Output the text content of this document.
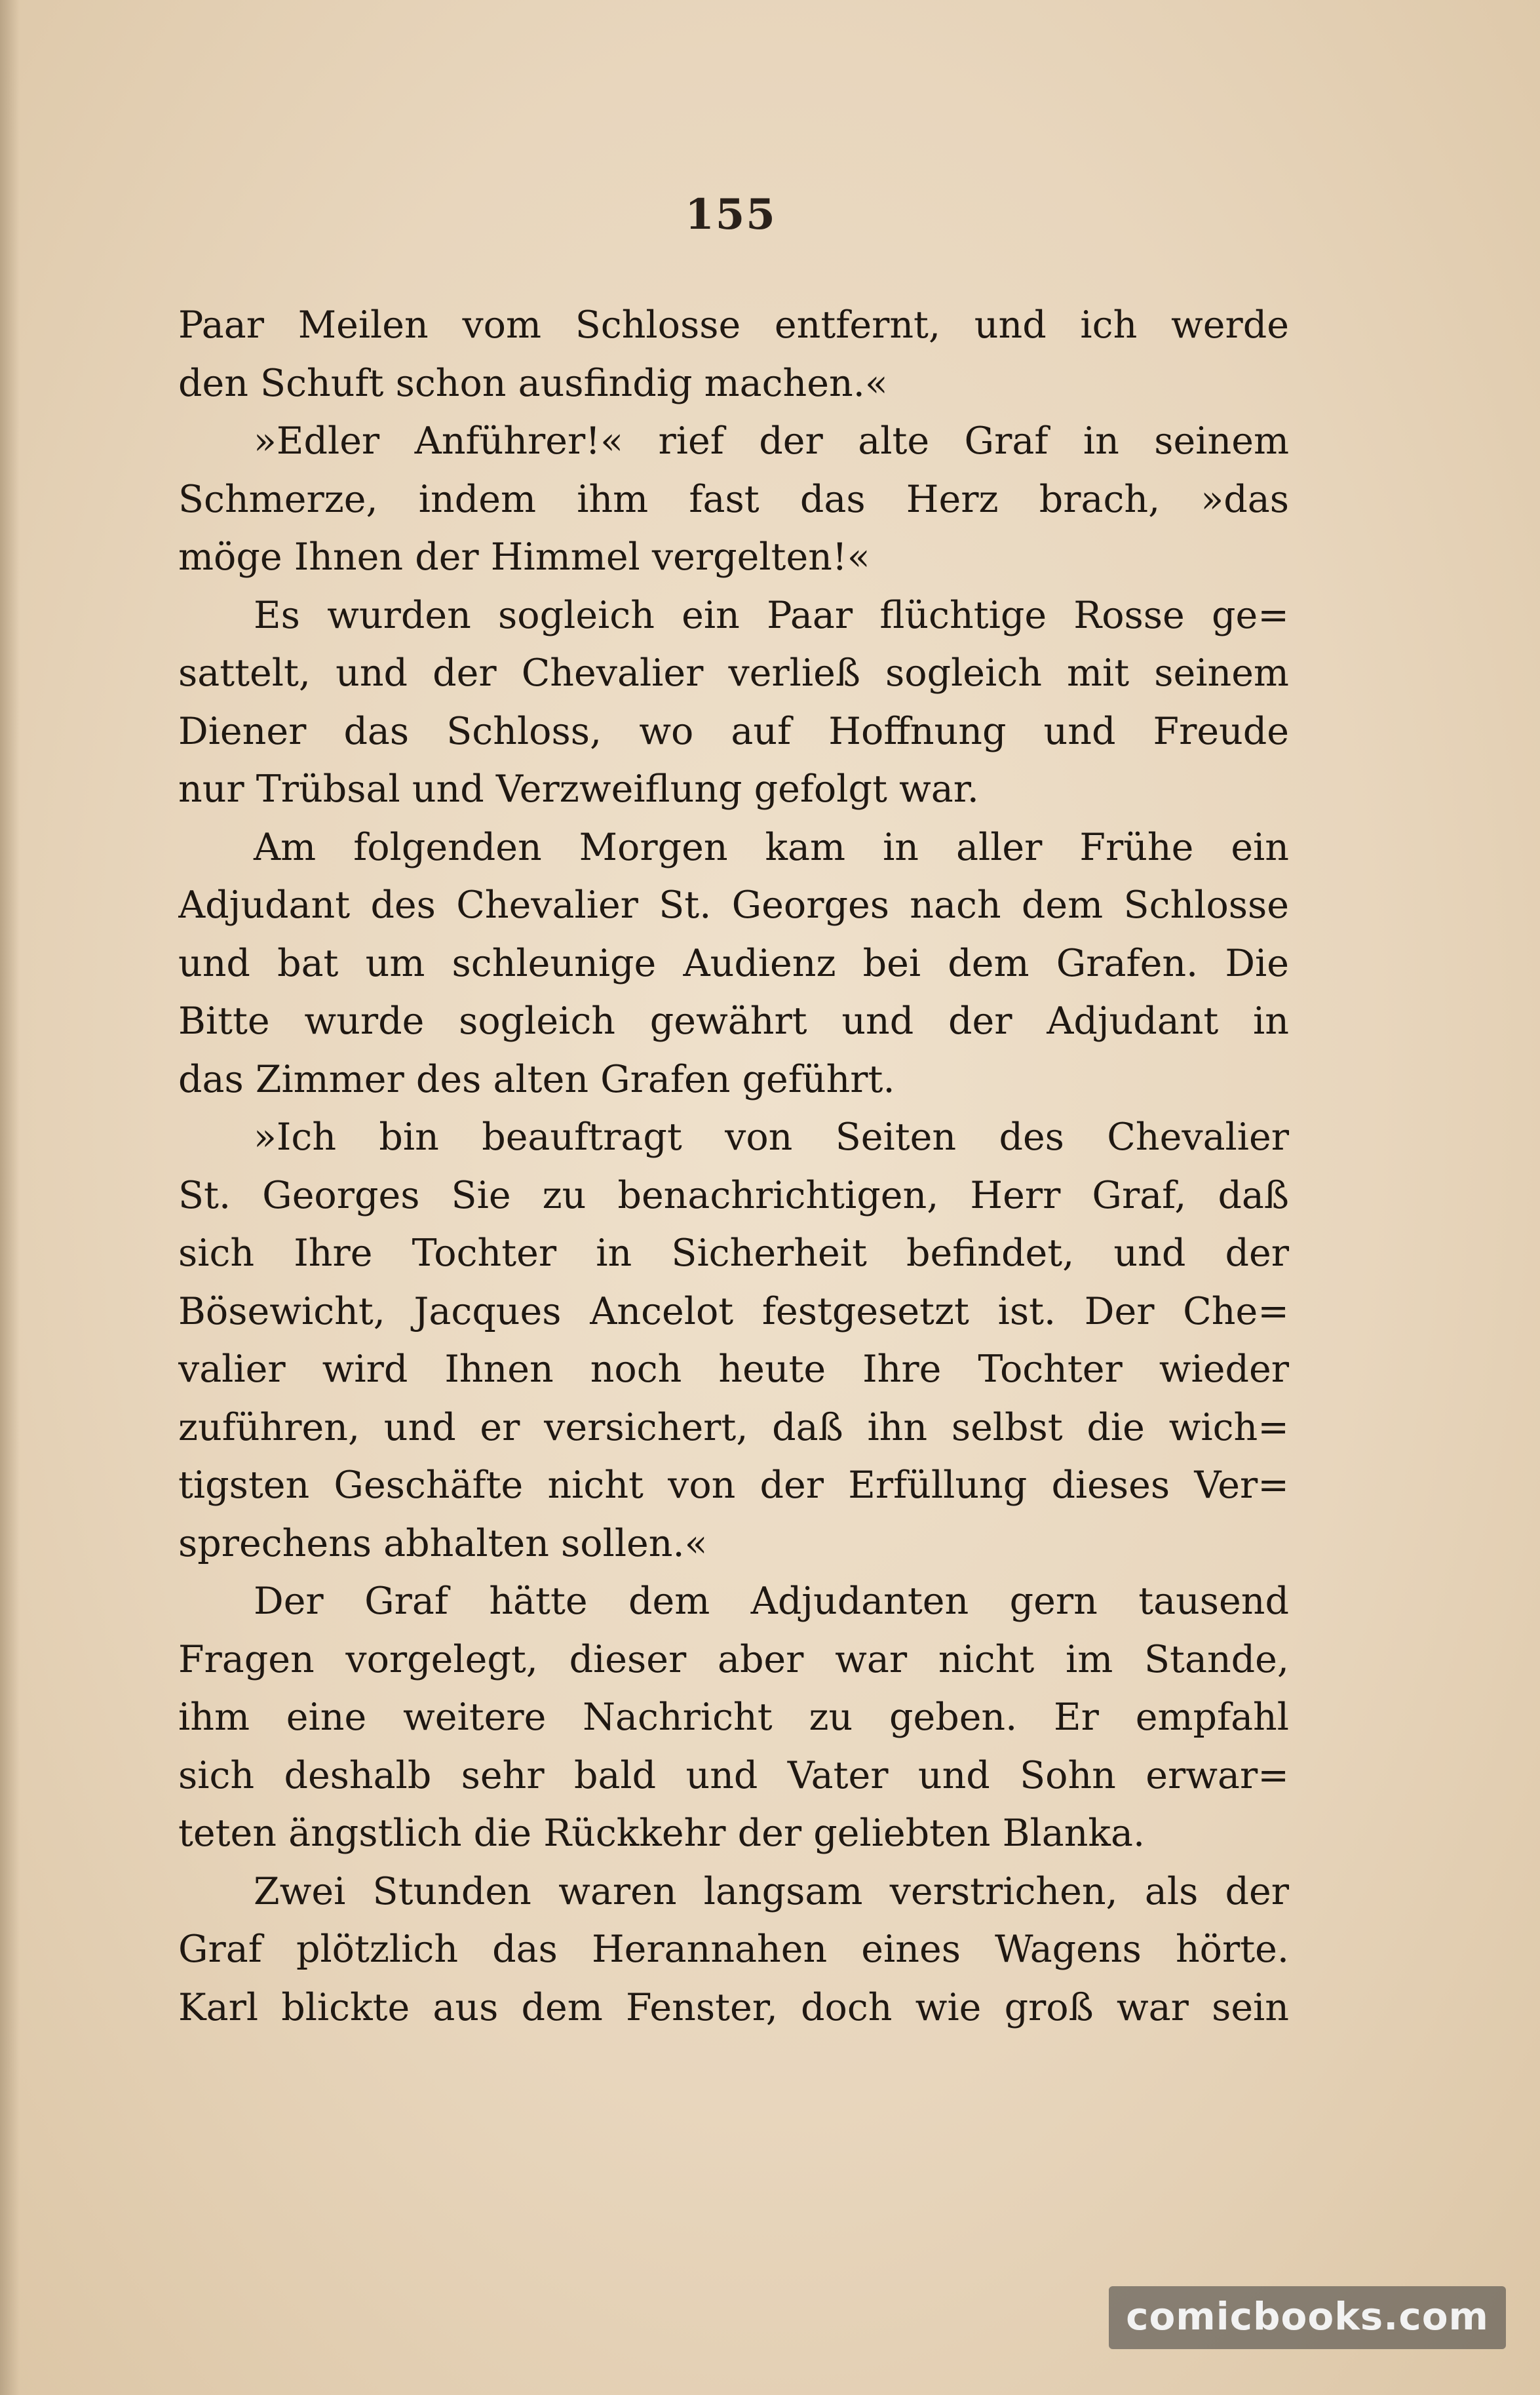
155
Paar Meilen vom Schlosse entfernt, und ich werde
den Schuft schon ausfindig machen.«
»Edler Anführer!« rief der alte Graf in seinem
Schmerze, indem ihm fast das Herz brach, »das
möge Ihnen der Himmel vergelten!«
Es wurden sogleich ein Paar flüchtige Rosse ge=
sattelt, und der Chevalier verließ sogleich mit seinem
Diener das Schloss, wo auf Hoffnung und Freude
nur Trübsal und Verzweiflung gefolgt war.
Am folgenden Morgen kam in aller Frühe ein
Adjudant des Chevalier St. Georges nach dem Schlosse
und bat um schleunige Audienz bei dem Grafen. Die
Bitte wurde sogleich gewährt und der Adjudant in
das Zimmer des alten Grafen geführt.
»Ich bin beauftragt von Seiten des Chevalier
St. Georges Sie zu benachrichtigen, Herr Graf, daß
sich Ihre Tochter in Sicherheit befindet, und der
Bösewicht, Jacques Ancelot festgesetzt ist. Der Che=
valier wird Ihnen noch heute Ihre Tochter wieder
zuführen, und er versichert, daß ihn selbst die wich=
tigsten Geschäfte nicht von der Erfüllung dieses Ver=
sprechens abhalten sollen.«
Der Graf hätte dem Adjudanten gern tausend
Fragen vorgelegt, dieser aber war nicht im Stande,
ihm eine weitere Nachricht zu geben. Er empfahl
sich deshalb sehr bald und Vater und Sohn erwar=
teten ängstlich die Rückkehr der geliebten Blanka.
Zwei Stunden waren langsam verstrichen, als der
Graf plötzlich das Herannahen eines Wagens hörte.
Karl blickte aus dem Fenster, doch wie groß war sein
comicbooks.com
